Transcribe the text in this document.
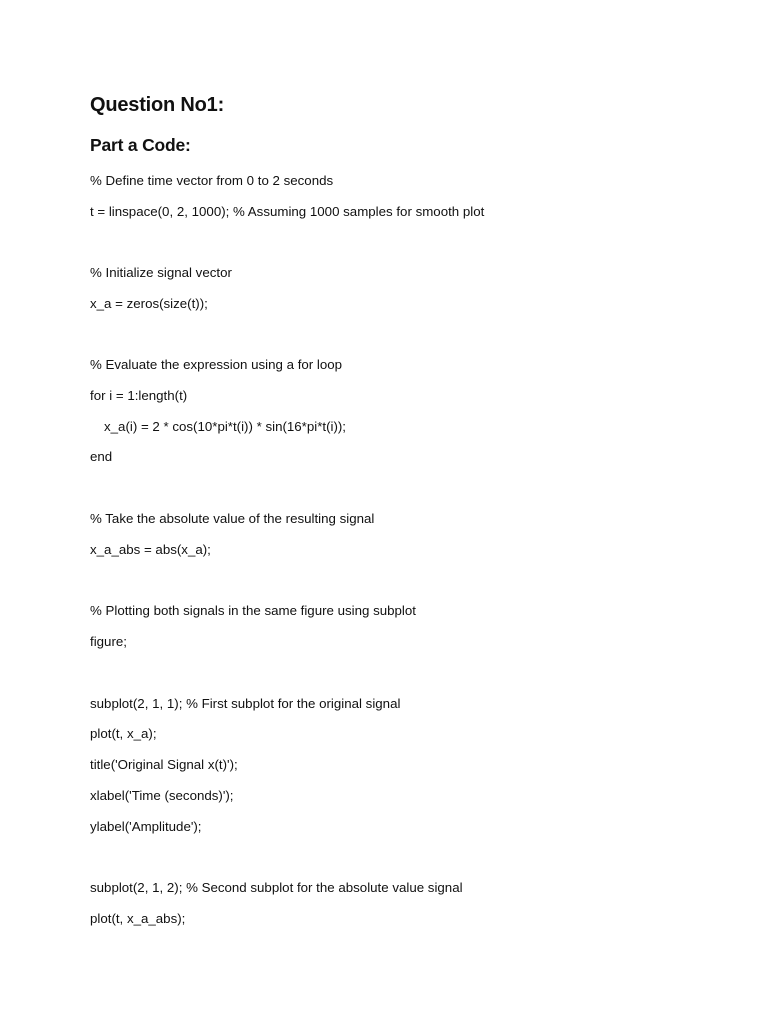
Question No1:
Part a Code:

% Define time vector from 0 to 2 seconds

t = linspace(0, 2, 1000); % Assuming 1000 samples for smooth plot

% Initialize signal vector

x_a = zeros(size(t));

% Evaluate the expression using a for loop

for i = 1:length(t)

x_a(i) = 2 * cos(10*pi*t(i)) * sin(16*pi*t(i));

end

% Take the absolute value of the resulting signal

x_a_abs = abs(x_a);

% Plotting both signals in the same figure using subplot

figure;

subplot(2, 1, 1); % First subplot for the original signal

plot(t, x_a);

title('Original Signal x(t)');

xlabel('Time (seconds)');

ylabel('Amplitude');

subplot(2, 1, 2); % Second subplot for the absolute value signal

plot(t, x_a_abs);
